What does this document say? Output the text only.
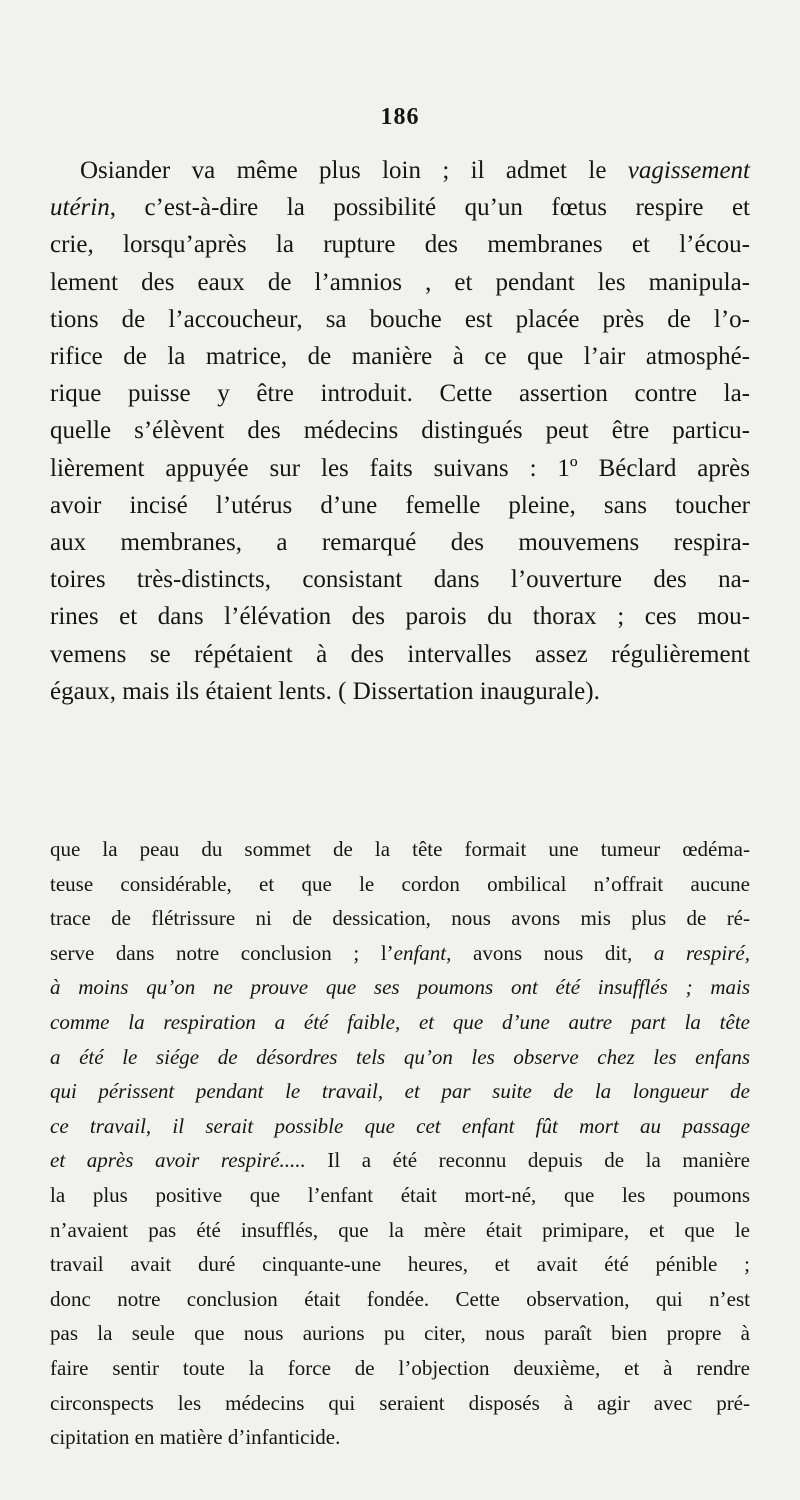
186
Osiander va même plus loin ; il admet le vagissement
utérin, c’est-à-dire la possibilité qu’un fœtus respire et
crie, lorsqu’après la rupture des membranes et l’écou-
lement des eaux de l’amnios , et pendant les manipula-
tions de l’accoucheur, sa bouche est placée près de l’o-
rifice de la matrice, de manière à ce que l’air atmosphé-
rique puisse y être introduit. Cette assertion contre la-
quelle s’élèvent des médecins distingués peut être particu-
lièrement appuyée sur les faits suivans : 1º Béclard après
avoir incisé l’utérus d’une femelle pleine, sans toucher
aux membranes, a remarqué des mouvemens respira-
toires très-distincts, consistant dans l’ouverture des na-
rines et dans l’élévation des parois du thorax ; ces mou-
vemens se répétaient à des intervalles assez régulièrement
égaux, mais ils étaient lents. ( Dissertation inaugurale).
que la peau du sommet de la tête formait une tumeur œdéma-
teuse considérable, et que le cordon ombilical n’offrait aucune
trace de flétrissure ni de dessication, nous avons mis plus de ré-
serve dans notre conclusion ; l’enfant, avons nous dit, a respiré,
à moins qu’on ne prouve que ses poumons ont été insufflés ; mais
comme la respiration a été faible, et que d’une autre part la tête
a été le siége de désordres tels qu’on les observe chez les enfans
qui périssent pendant le travail, et par suite de la longueur de
ce travail, il serait possible que cet enfant fût mort au passage
et après avoir respiré..... Il a été reconnu depuis de la manière
la plus positive que l’enfant était mort-né, que les poumons
n’avaient pas été insufflés, que la mère était primipare, et que le
travail avait duré cinquante-une heures, et avait été pénible ;
donc notre conclusion était fondée. Cette observation, qui n’est
pas la seule que nous aurions pu citer, nous paraît bien propre à
faire sentir toute la force de l’objection deuxième, et à rendre
circonspects les médecins qui seraient disposés à agir avec pré-
cipitation en matière d’infanticide.
